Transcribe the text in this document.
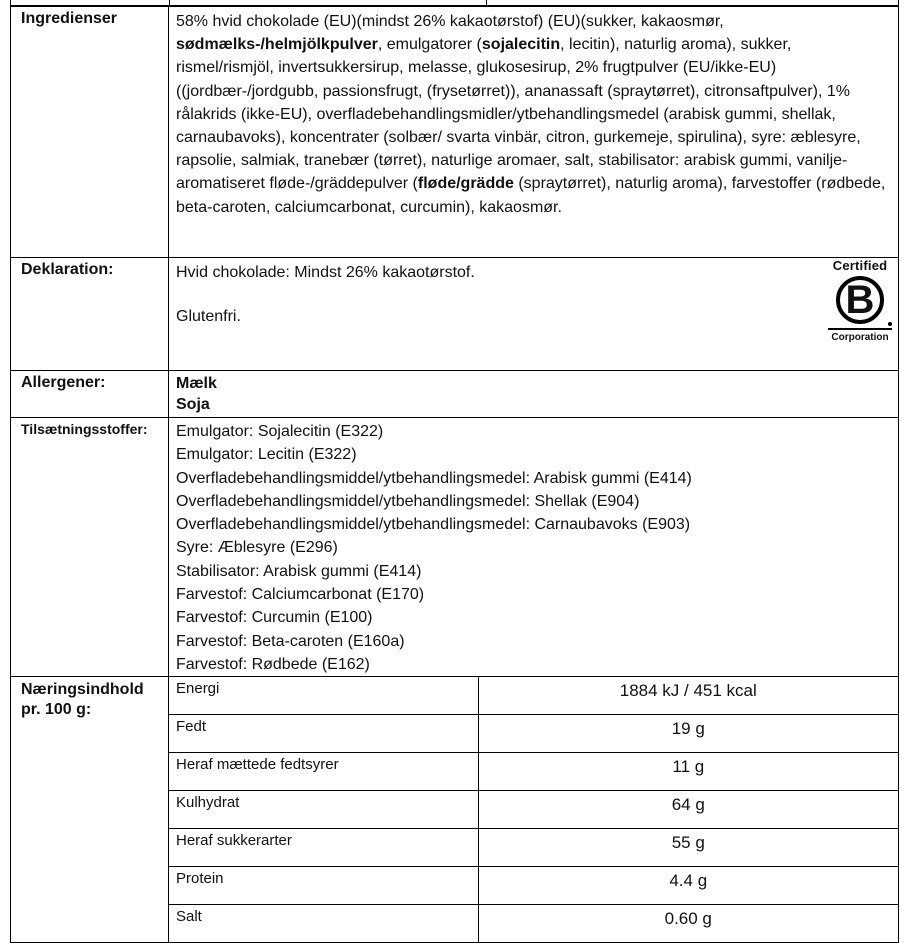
Ingredienser	58% hvid chokolade (EU)(mindst 26% kakaotørstof) (EU)(sukker, kakaosmør, sødmælks-/helmjölkpulver, emulgatorer (sojalecitin, lecitin), naturlig aroma), sukker, rismel/rismjöl, invertsukkersirup, melasse, glukosesirup, 2% frugtpulver (EU/ikke-EU) ((jordbær-/jordgubb, passionsfrugt, (frysetørret)), ananassaft (spraytørret), citronsaftpulver), 1% rålakrids (ikke-EU), overfladebehandlingsmidler/ytbehandlingsmedel (arabisk gummi, shellak, carnaubavoks), koncentrater (solbær/ svarta vinbär, citron, gurkemeje, spirulina), syre: æblesyre, rapsolie, salmiak, tranebær (tørret), naturlige aromaer, salt, stabilisator: arabisk gummi, vanilje- aromatiseret fløde-/gräddepulver (fløde/grädde (spraytørret), naturlig aroma), farvestoffer (rødbede, beta-caroten, calciumcarbonat, curcumin), kakaosmør.

Deklaration:	Hvid chokolade: Mindst 26% kakaotørstof.
Glutenfri.
Certified
B
Corporation

Allergener:	Mælk
Soja

Tilsætningsstoffer:	Emulgator: Sojalecitin (E322)
Emulgator: Lecitin (E322)
Overfladebehandlingsmiddel/ytbehandlingsmedel: Arabisk gummi (E414)
Overfladebehandlingsmiddel/ytbehandlingsmedel: Shellak (E904)
Overfladebehandlingsmiddel/ytbehandlingsmedel: Carnaubavoks (E903)
Syre: Æblesyre (E296)
Stabilisator: Arabisk gummi (E414)
Farvestof: Calciumcarbonat (E170)
Farvestof: Curcumin (E100)
Farvestof: Beta-caroten (E160a)
Farvestof: Rødbede (E162)

Næringsindhold pr. 100 g:

Energi	1884 kJ / 451 kcal
Fedt	19 g
Heraf mættede fedtsyrer	11 g
Kulhydrat	64 g
Heraf sukkerarter	55 g
Protein	4.4 g
Salt	0.60 g
